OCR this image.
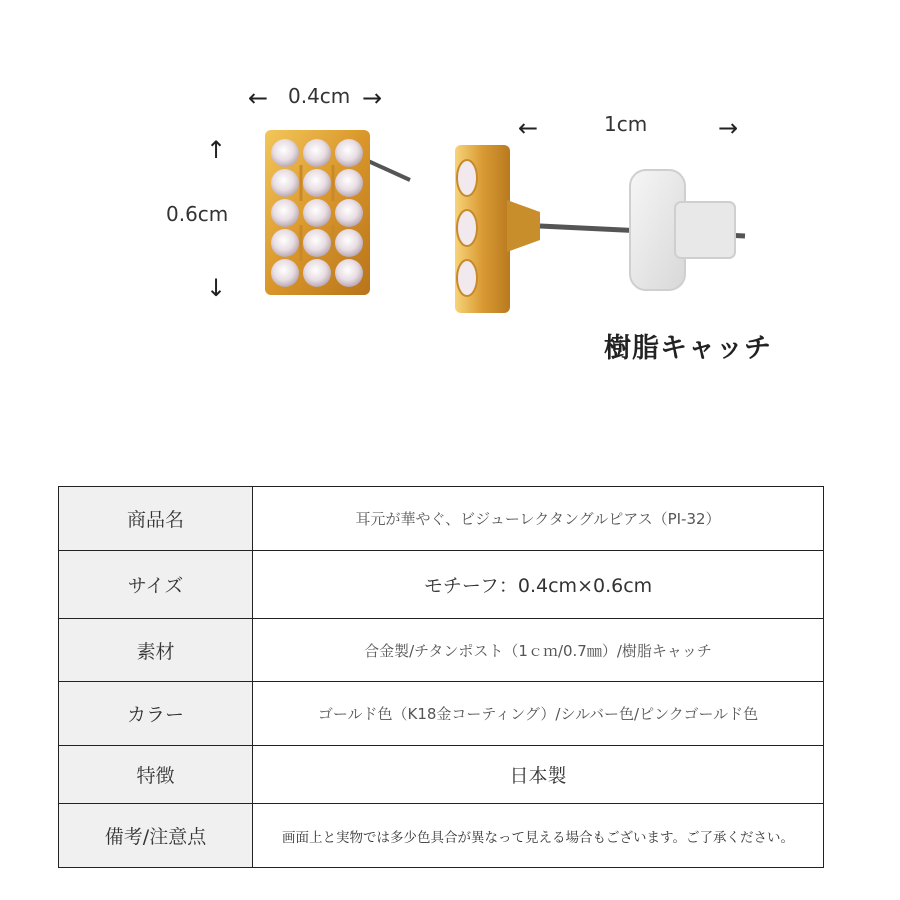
← 0.4cm →
↑
0.6cm
↓
←	1cm	→
樹脂キャッチ
商品名	耳元が華やぐ、ビジューレクタングルピアス（PI-32）
サイズ	モチーフ：0.4cm×0.6cm
素材	合金製/チタンポスト（1ｃｍ/0.7㎜）/樹脂キャッチ
カラー	ゴールド色（K18金コーティング）/シルバー色/ピンクゴールド色
特徴	日本製
備考/注意点	画面上と実物では多少色具合が異なって見える場合もございます。ご了承ください。
